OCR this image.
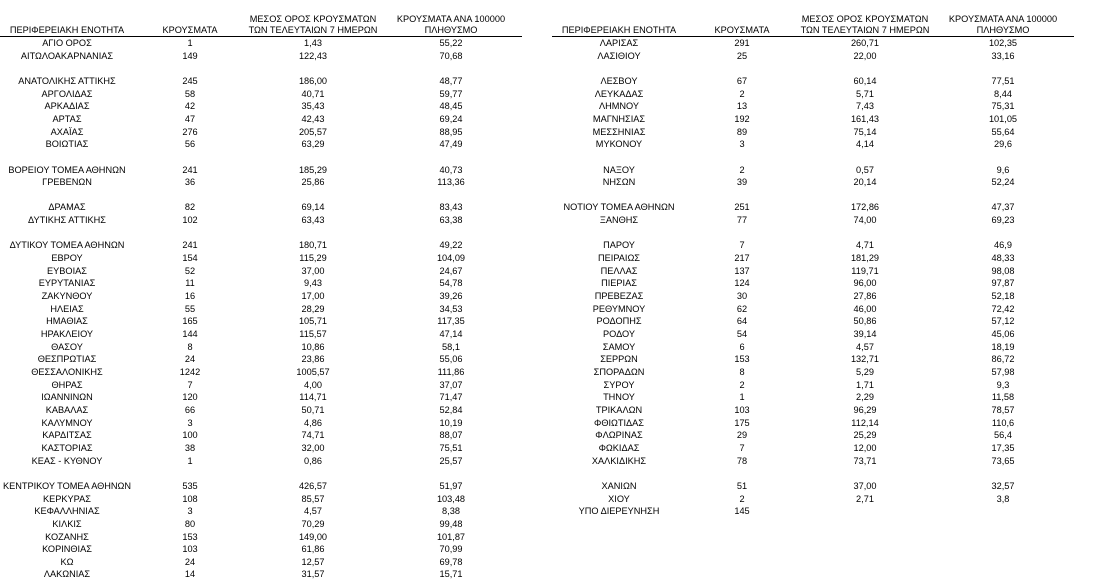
ΠΕΡΙΦΕΡΕΙΑΚΗ ΕΝΟΤΗΤΑ	ΚΡΟΥΣΜΑΤΑ	ΜΕΣΟΣ ΟΡΟΣ ΚΡΟΥΣΜΑΤΩΝ
ΤΩΝ ΤΕΛΕΥΤΑΙΩΝ 7 ΗΜΕΡΩΝ	ΚΡΟΥΣΜΑΤΑ ΑΝΑ 100000
ΠΛΗΘΥΣΜΟ
ΑΓΙΟ ΟΡΟΣ	1	1,43	55,22
ΑΙΤΩΛΟΑΚΑΡΝΑΝΙΑΣ	149	122,43	70,68

ΑΝΑΤΟΛΙΚΗΣ ΑΤΤΙΚΗΣ	245	186,00	48,77
ΑΡΓΟΛΙΔΑΣ	58	40,71	59,77
ΑΡΚΑΔΙΑΣ	42	35,43	48,45
ΑΡΤΑΣ	47	42,43	69,24
ΑΧΑΪΑΣ	276	205,57	88,95
ΒΟΙΩΤΙΑΣ	56	63,29	47,49

ΒΟΡΕΙΟΥ ΤΟΜΕΑ ΑΘΗΝΩΝ	241	185,29	40,73
ΓΡΕΒΕΝΩΝ	36	25,86	113,36

ΔΡΑΜΑΣ	82	69,14	83,43
ΔΥΤΙΚΗΣ ΑΤΤΙΚΗΣ	102	63,43	63,38

ΔΥΤΙΚΟΥ ΤΟΜΕΑ ΑΘΗΝΩΝ	241	180,71	49,22
ΕΒΡΟΥ	154	115,29	104,09
ΕΥΒΟΙΑΣ	52	37,00	24,67
ΕΥΡΥΤΑΝΙΑΣ	11	9,43	54,78
ΖΑΚΥΝΘΟΥ	16	17,00	39,26
ΗΛΕΙΑΣ	55	28,29	34,53
ΗΜΑΘΙΑΣ	165	105,71	117,35
ΗΡΑΚΛΕΙΟΥ	144	115,57	47,14
ΘΑΣΟΥ	8	10,86	58,1
ΘΕΣΠΡΩΤΙΑΣ	24	23,86	55,06
ΘΕΣΣΑΛΟΝΙΚΗΣ	1242	1005,57	111,86
ΘΗΡΑΣ	7	4,00	37,07
ΙΩΑΝΝΙΝΩΝ	120	114,71	71,47
ΚΑΒΑΛΑΣ	66	50,71	52,84
ΚΑΛΥΜΝΟΥ	3	4,86	10,19
ΚΑΡΔΙΤΣΑΣ	100	74,71	88,07
ΚΑΣΤΟΡΙΑΣ	38	32,00	75,51
ΚΕΑΣ - ΚΥΘΝΟΥ	1	0,86	25,57

ΚΕΝΤΡΙΚΟΥ ΤΟΜΕΑ ΑΘΗΝΩΝ	535	426,57	51,97
ΚΕΡΚΥΡΑΣ	108	85,57	103,48
ΚΕΦΑΛΛΗΝΙΑΣ	3	4,57	8,38
ΚΙΛΚΙΣ	80	70,29	99,48
ΚΟΖΑΝΗΣ	153	149,00	101,87
ΚΟΡΙΝΘΙΑΣ	103	61,86	70,99
ΚΩ	24	12,57	69,78
ΛΑΚΩΝΙΑΣ	14	31,57	15,71
ΠΕΡΙΦΕΡΕΙΑΚΗ ΕΝΟΤΗΤΑ	ΚΡΟΥΣΜΑΤΑ	ΜΕΣΟΣ ΟΡΟΣ ΚΡΟΥΣΜΑΤΩΝ
ΤΩΝ ΤΕΛΕΥΤΑΙΩΝ 7 ΗΜΕΡΩΝ	ΚΡΟΥΣΜΑΤΑ ΑΝΑ 100000
ΠΛΗΘΥΣΜΟ
ΛΑΡΙΣΑΣ	291	260,71	102,35
ΛΑΣΙΘΙΟΥ	25	22,00	33,16

ΛΕΣΒΟΥ	67	60,14	77,51
ΛΕΥΚΑΔΑΣ	2	5,71	8,44
ΛΗΜΝΟΥ	13	7,43	75,31
ΜΑΓΝΗΣΙΑΣ	192	161,43	101,05
ΜΕΣΣΗΝΙΑΣ	89	75,14	55,64
ΜΥΚΟΝΟΥ	3	4,14	29,6

ΝΑΞΟΥ	2	0,57	9,6
ΝΗΣΩΝ	39	20,14	52,24

ΝΟΤΙΟΥ ΤΟΜΕΑ ΑΘΗΝΩΝ	251	172,86	47,37
ΞΑΝΘΗΣ	77	74,00	69,23

ΠΑΡΟΥ	7	4,71	46,9
ΠΕΙΡΑΙΩΣ	217	181,29	48,33
ΠΕΛΛΑΣ	137	119,71	98,08
ΠΙΕΡΙΑΣ	124	96,00	97,87
ΠΡΕΒΕΖΑΣ	30	27,86	52,18
ΡΕΘΥΜΝΟΥ	62	46,00	72,42
ΡΟΔΟΠΗΣ	64	50,86	57,12
ΡΟΔΟΥ	54	39,14	45,06
ΣΑΜΟΥ	6	4,57	18,19
ΣΕΡΡΩΝ	153	132,71	86,72
ΣΠΟΡΑΔΩΝ	8	5,29	57,98
ΣΥΡΟΥ	2	1,71	9,3
ΤΗΝΟΥ	1	2,29	11,58
ΤΡΙΚΑΛΩΝ	103	96,29	78,57
ΦΘΙΩΤΙΔΑΣ	175	112,14	110,6
ΦΛΩΡΙΝΑΣ	29	25,29	56,4
ΦΩΚΙΔΑΣ	7	12,00	17,35
ΧΑΛΚΙΔΙΚΗΣ	78	73,71	73,65

ΧΑΝΙΩΝ	51	37,00	32,57
ΧΙΟΥ	2	2,71	3,8
ΥΠΟ ΔΙΕΡΕΥΝΗΣΗ	145		
